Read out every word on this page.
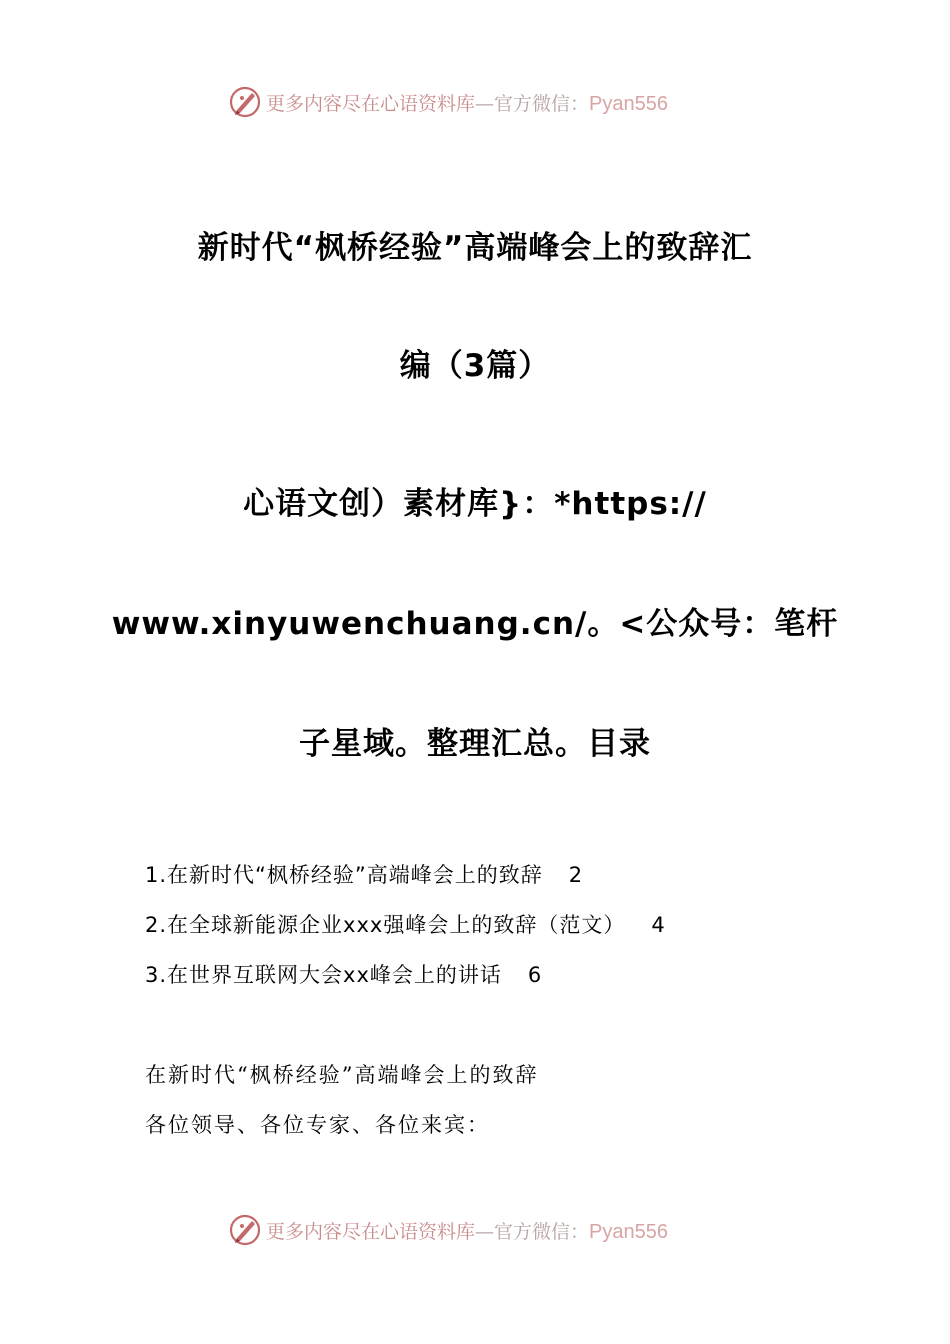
更多内容尽在心语资料库—官方微信：Pyan556
新时代“枫桥经验”高端峰会上的致辞汇
编（3篇）
心语文创）素材库}：*https://
www.xinyuwenchuang.cn/。<公众号：笔杆
子星域。整理汇总。目录
1.在新时代“枫桥经验”高端峰会上的致辞 2
2.在全球新能源企业xxx强峰会上的致辞（范文） 4
3.在世界互联网大会xx峰会上的讲话 6
在新时代“枫桥经验”高端峰会上的致辞
各位领导、各位专家、各位来宾：
更多内容尽在心语资料库—官方微信：Pyan556
